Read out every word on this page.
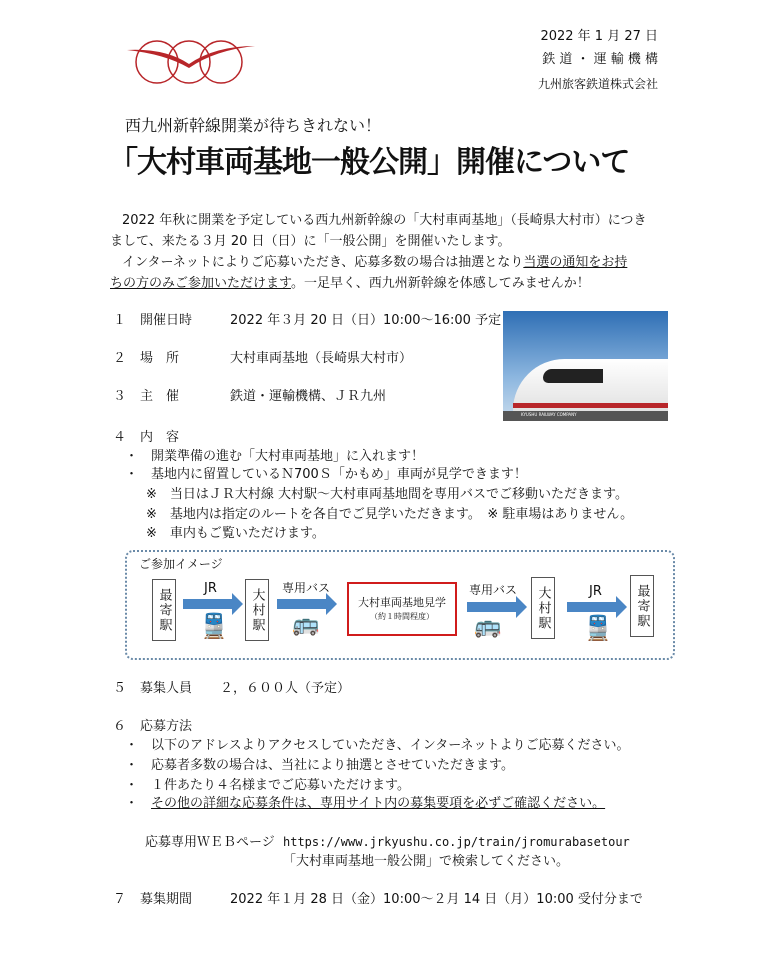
2022 年 1 月 27 日
鉄 道 ・ 運 輸 機 構
九州旅客鉄道株式会社
西九州新幹線開業が待ちきれない！
「大村車両基地一般公開」開催について
2022 年秋に開業を予定している西九州新幹線の「大村車両基地」（長崎県大村市）につき
まして、来たる３月 20 日（日）に「一般公開」を開催いたします。
インターネットによりご応募いただき、応募多数の場合は抽選となり当選の通知をお持
ちの方のみご参加いただけます。一足早く、西九州新幹線を体感してみませんか！
１ 開催日時	2022 年３月 20 日（日）10:00～16:00 予定
２ 場　所	大村車両基地（長崎県大村市）
３ 主　催	鉄道・運輸機構、ＪＲ九州
４ 内　容
KYUSHU RAILWAY COMPANY
・　開業準備の進む「大村車両基地」に入れます！
・　基地内に留置しているＮ700Ｓ「かもめ」車両が見学できます！
※　当日はＪＲ大村線 大村駅～大村車両基地間を専用バスでご移動いただきます。
※　基地内は指定のルートを各自でご見学いただきます。　※ 駐車場はありません。
※　車内もご覧いただけます。
ご参加イメージ
最寄駅	JR
🚆	大村駅	専用バス
🚌
大村車両基地見学
（約１時間程度）
専用バス
🚌	大村駅	JR
🚆	最寄駅
５ 募集人員 ２，６００人（予定）
６ 応募方法
・　以下のアドレスよりアクセスしていただき、インターネットよりご応募ください。
・　応募者多数の場合は、当社により抽選とさせていただきます。
・　１件あたり４名様までご応募いただけます。
・　その他の詳細な応募条件は、専用サイト内の募集要項を必ずご確認ください。
応募専用ＷＥＢページ https://www.jrkyushu.co.jp/train/jromurabasetour
「大村車両基地一般公開」で検索してください。
７ 募集期間	2022 年１月 28 日（金）10:00～２月 14 日（月）10:00 受付分まで
